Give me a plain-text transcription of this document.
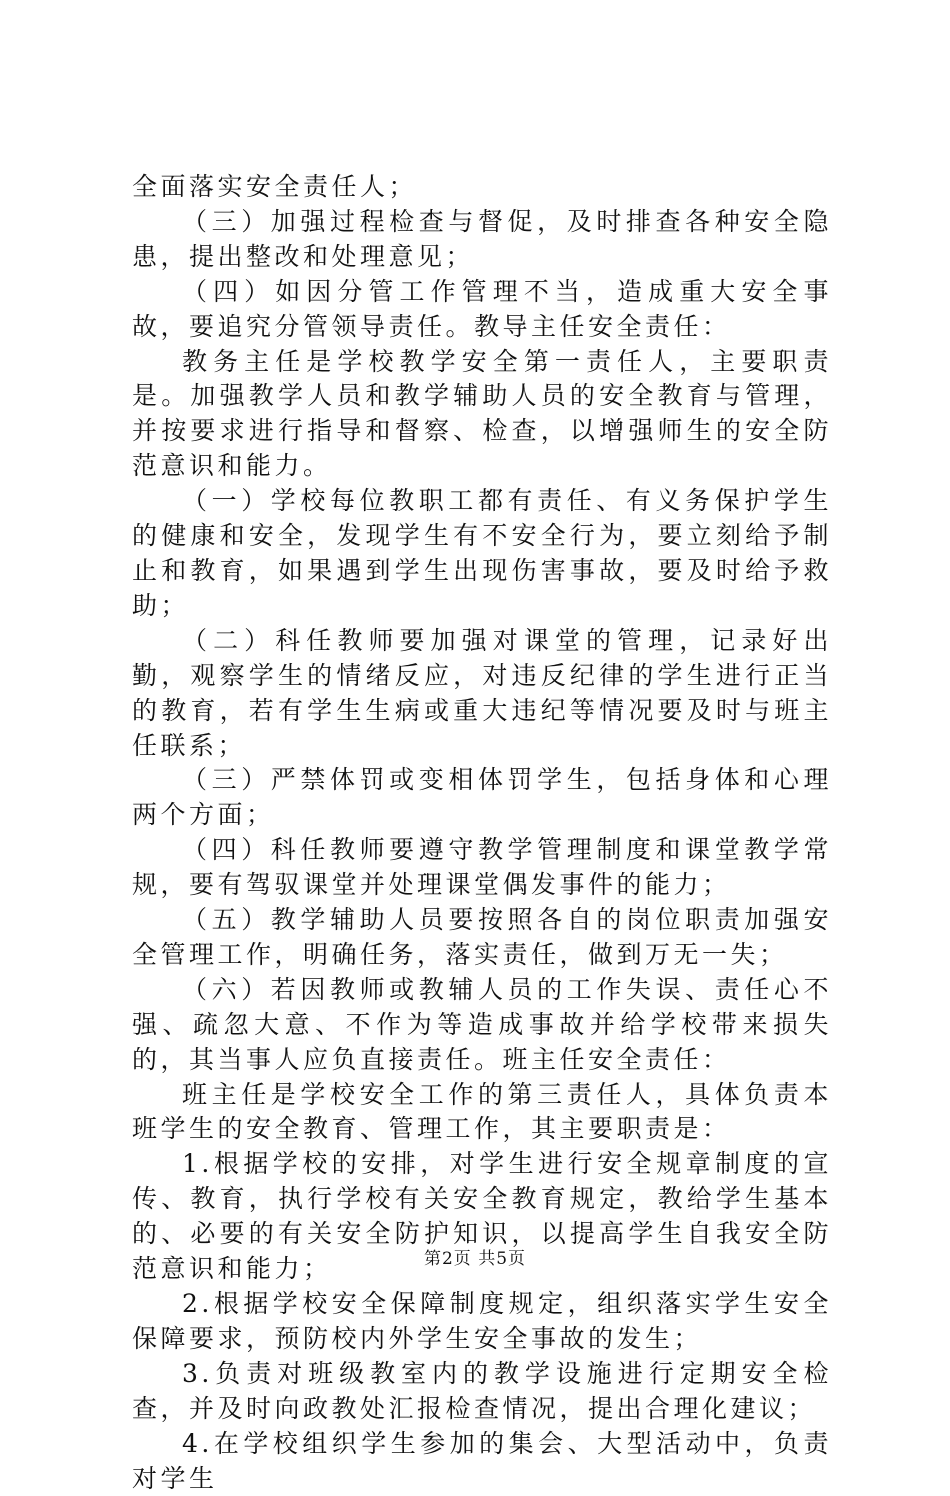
全面落实安全责任人；

（三）加强过程检查与督促，及时排查各种安全隐患，提出整改和处理意见；

（四）如因分管工作管理不当，造成重大安全事故，要追究分管领导责任。教导主任安全责任：

教务主任是学校教学安全第一责任人，主要职责是。加强教学人员和教学辅助人员的安全教育与管理，并按要求进行指导和督察、检查，以增强师生的安全防范意识和能力。

（一）学校每位教职工都有责任、有义务保护学生的健康和安全，发现学生有不安全行为，要立刻给予制止和教育，如果遇到学生出现伤害事故，要及时给予救助；

（二）科任教师要加强对课堂的管理，记录好出勤，观察学生的情绪反应，对违反纪律的学生进行正当的教育，若有学生生病或重大违纪等情况要及时与班主任联系；

（三）严禁体罚或变相体罚学生，包括身体和心理两个方面；

（四）科任教师要遵守教学管理制度和课堂教学常规，要有驾驭课堂并处理课堂偶发事件的能力；

（五）教学辅助人员要按照各自的岗位职责加强安全管理工作，明确任务，落实责任，做到万无一失；

（六）若因教师或教辅人员的工作失误、责任心不强、疏忽大意、不作为等造成事故并给学校带来损失的，其当事人应负直接责任。班主任安全责任：

班主任是学校安全工作的第三责任人，具体负责本班学生的安全教育、管理工作，其主要职责是：

1.根据学校的安排，对学生进行安全规章制度的宣传、教育，执行学校有关安全教育规定，教给学生基本的、必要的有关安全防护知识，以提高学生自我安全防范意识和能力；

2.根据学校安全保障制度规定，组织落实学生安全保障要求，预防校内外学生安全事故的发生；

3.负责对班级教室内的教学设施进行定期安全检查，并及时向政教处汇报检查情况，提出合理化建议；

4.在学校组织学生参加的集会、大型活动中，负责对学生

第2页 共5页
